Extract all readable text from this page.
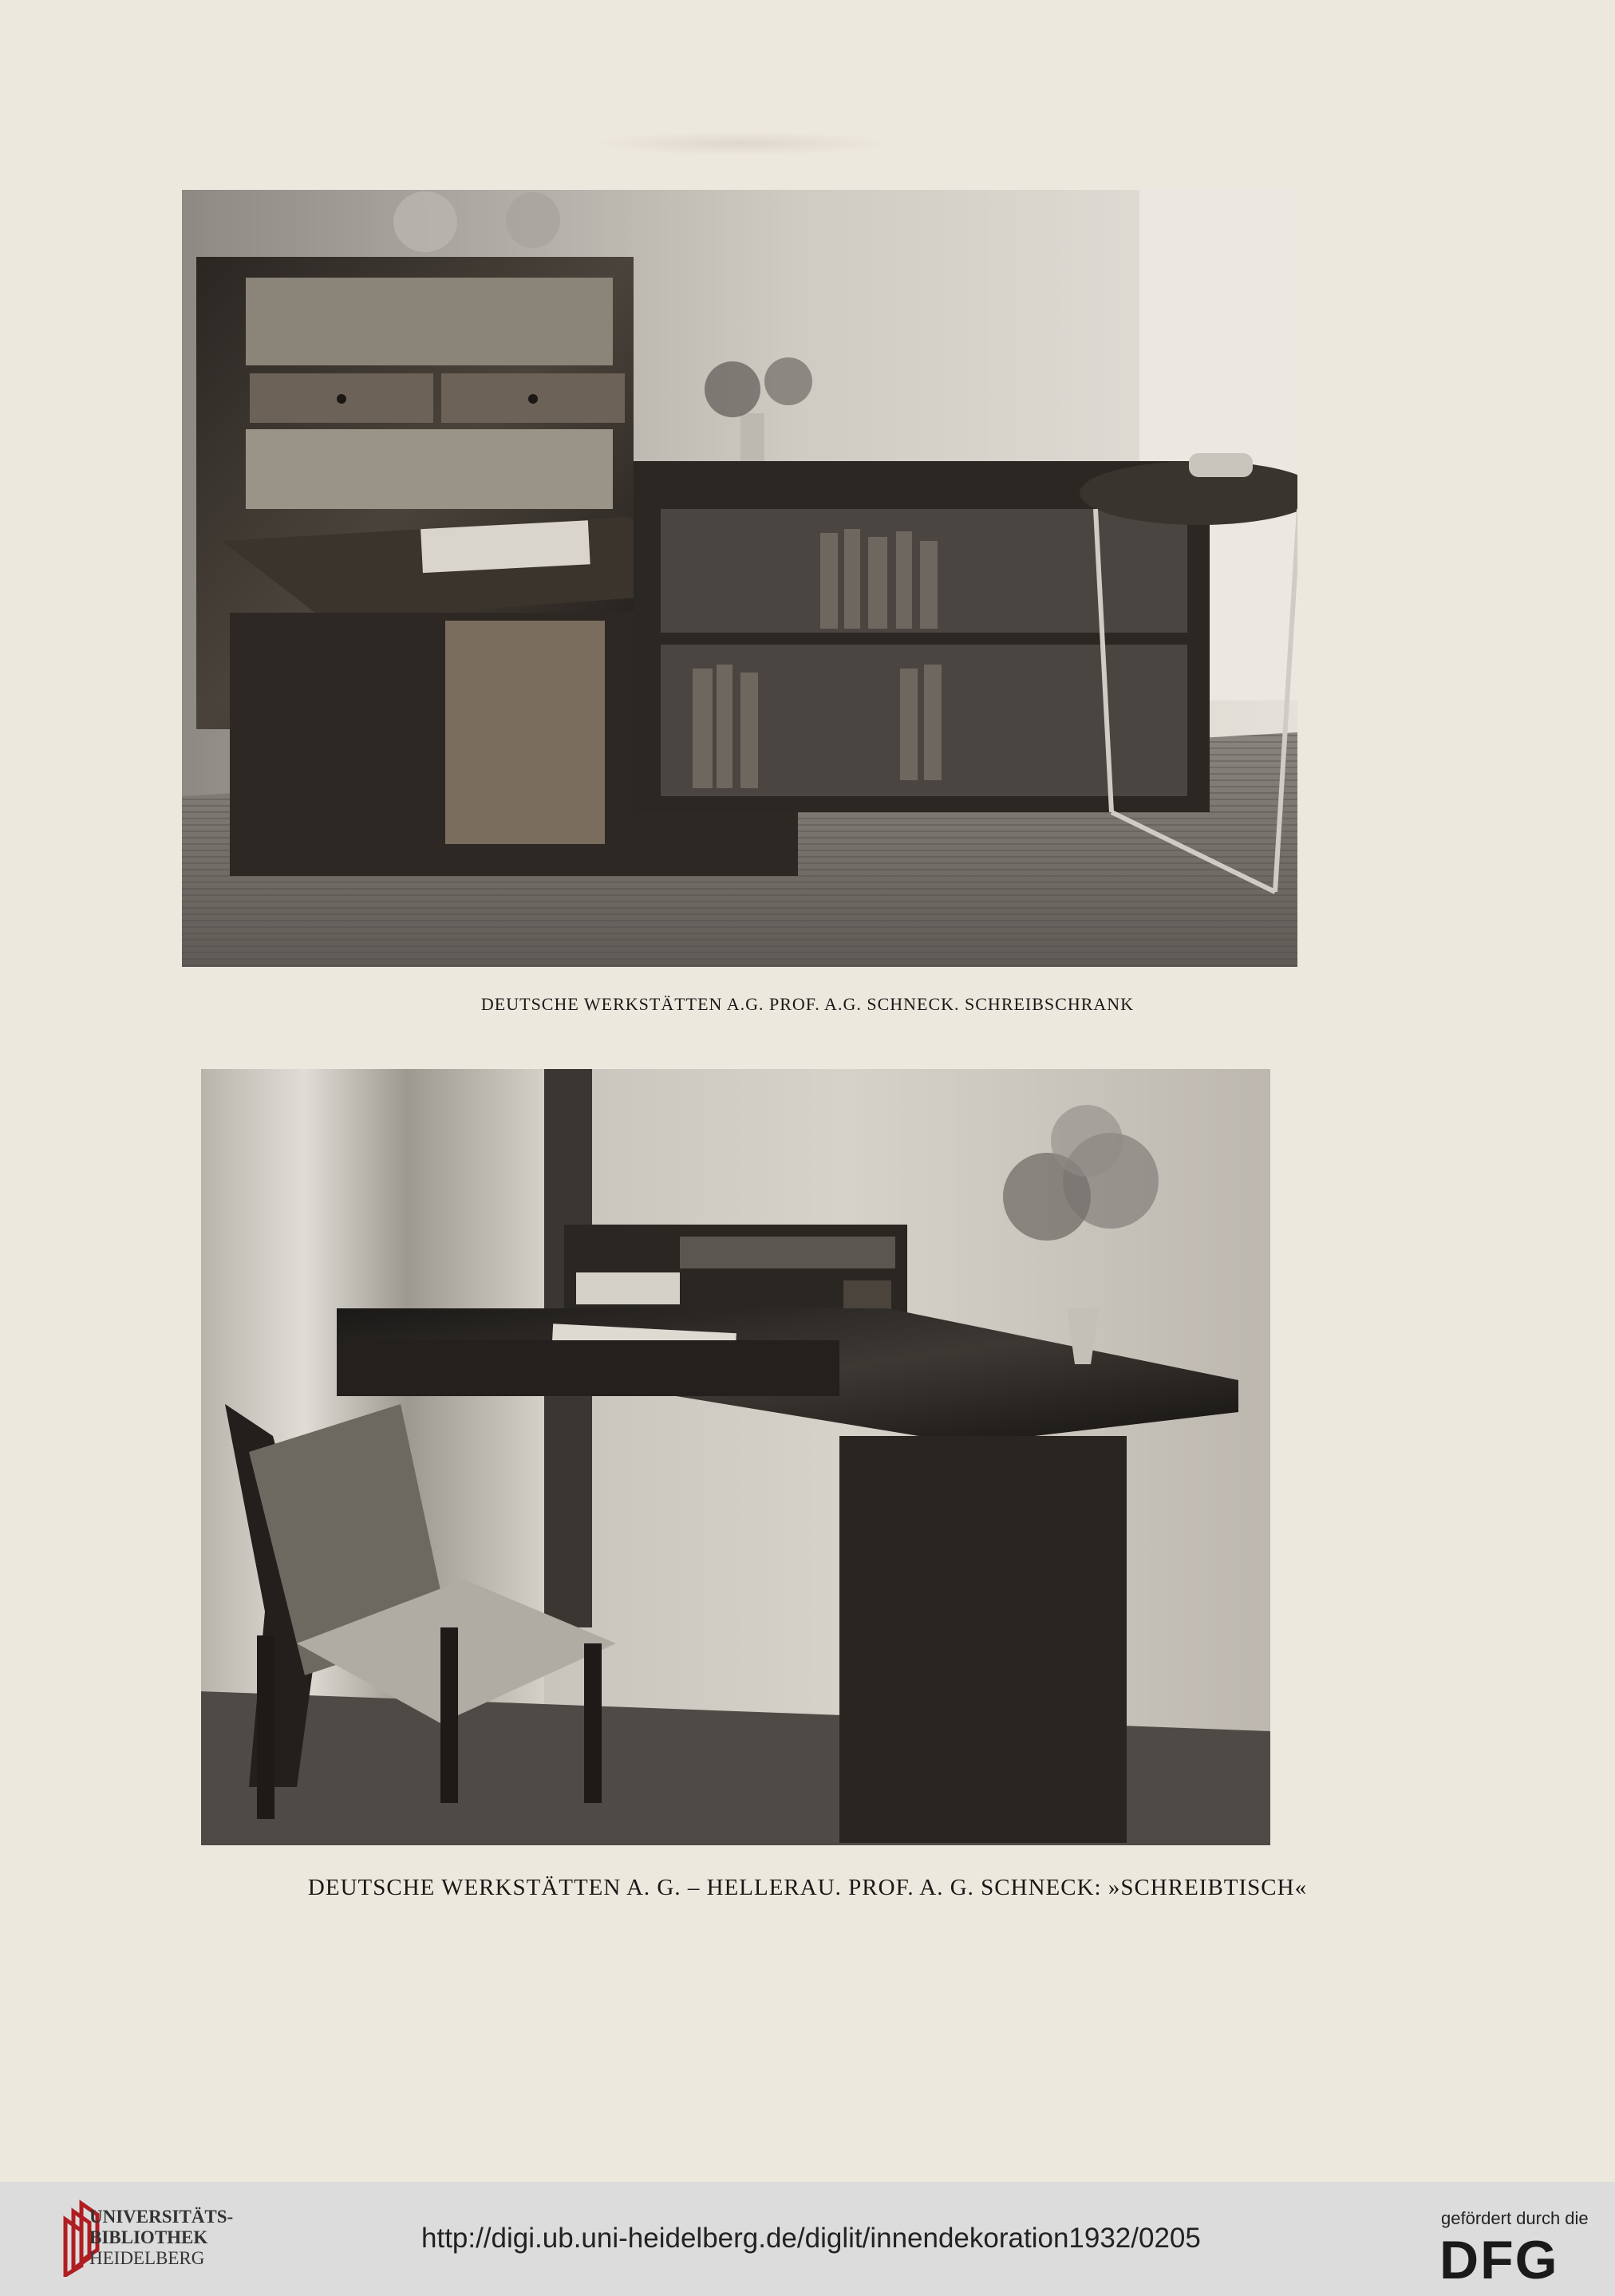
DEUTSCHE WERKSTÄTTEN A.G. PROF. A.G. SCHNECK. SCHREIBSCHRANK
DEUTSCHE WERKSTÄTTEN A. G. – HELLERAU. PROF. A. G. SCHNECK: »SCHREIBTISCH«
UNIVERSITÄTS-
BIBLIOTHEK
HEIDELBERG
http://digi.ub.uni-heidelberg.de/diglit/innendekoration1932/0205
gefördert durch die
DFG
